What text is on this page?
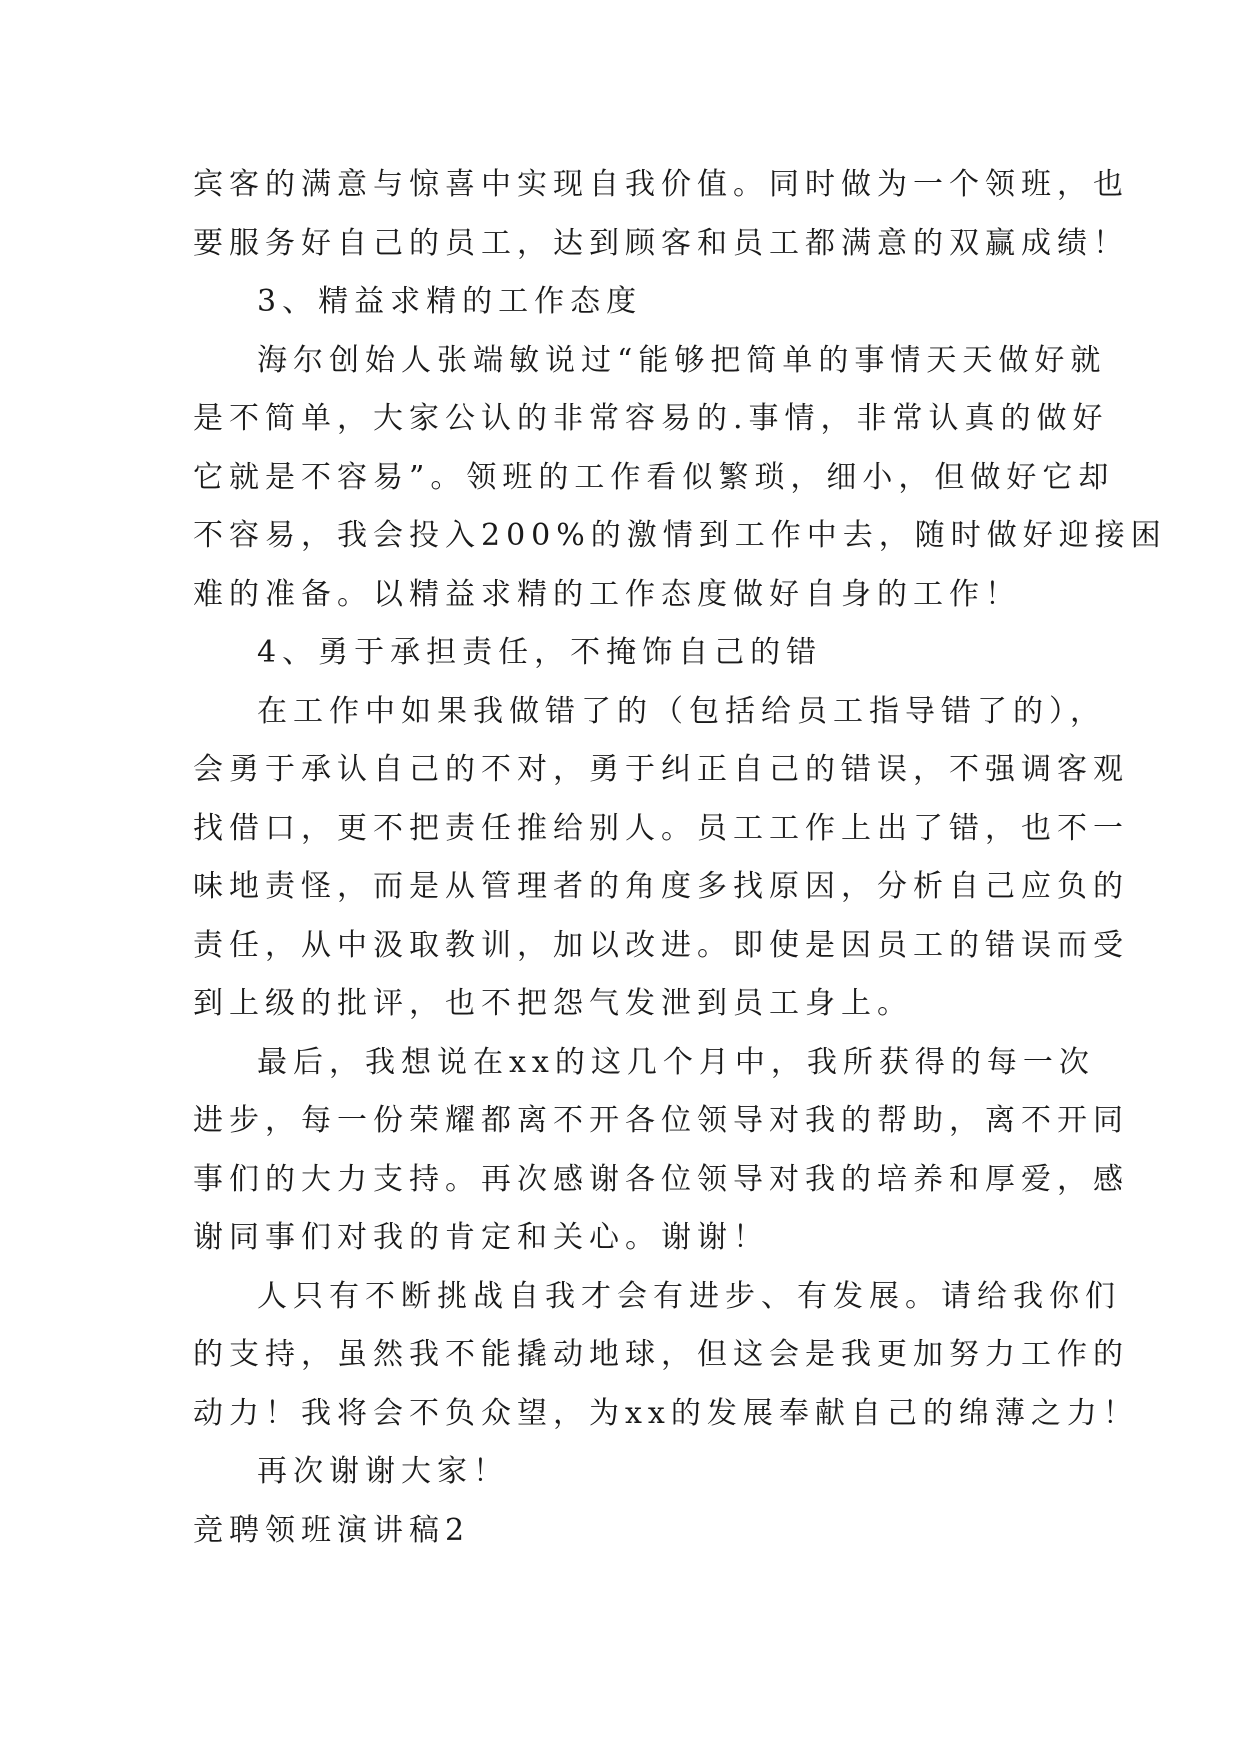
宾客的满意与惊喜中实现自我价值。同时做为一个领班，也
要服务好自己的员工，达到顾客和员工都满意的双赢成绩！
3、精益求精的工作态度
海尔创始人张端敏说过“能够把简单的事情天天做好就
是不简单，大家公认的非常容易的.事情，非常认真的做好
它就是不容易”。领班的工作看似繁琐，细小，但做好它却
不容易，我会投入200%的激情到工作中去，随时做好迎接困
难的准备。以精益求精的工作态度做好自身的工作！
4、勇于承担责任，不掩饰自己的错
在工作中如果我做错了的（包括给员工指导错了的），
会勇于承认自己的不对，勇于纠正自己的错误，不强调客观
找借口，更不把责任推给别人。员工工作上出了错，也不一
味地责怪，而是从管理者的角度多找原因，分析自己应负的
责任，从中汲取教训，加以改进。即使是因员工的错误而受
到上级的批评，也不把怨气发泄到员工身上。
最后，我想说在xx的这几个月中，我所获得的每一次
进步，每一份荣耀都离不开各位领导对我的帮助，离不开同
事们的大力支持。再次感谢各位领导对我的培养和厚爱，感
谢同事们对我的肯定和关心。谢谢！
人只有不断挑战自我才会有进步、有发展。请给我你们
的支持，虽然我不能撬动地球，但这会是我更加努力工作的
动力！我将会不负众望，为xx的发展奉献自己的绵薄之力！
再次谢谢大家！
竞聘领班演讲稿2
